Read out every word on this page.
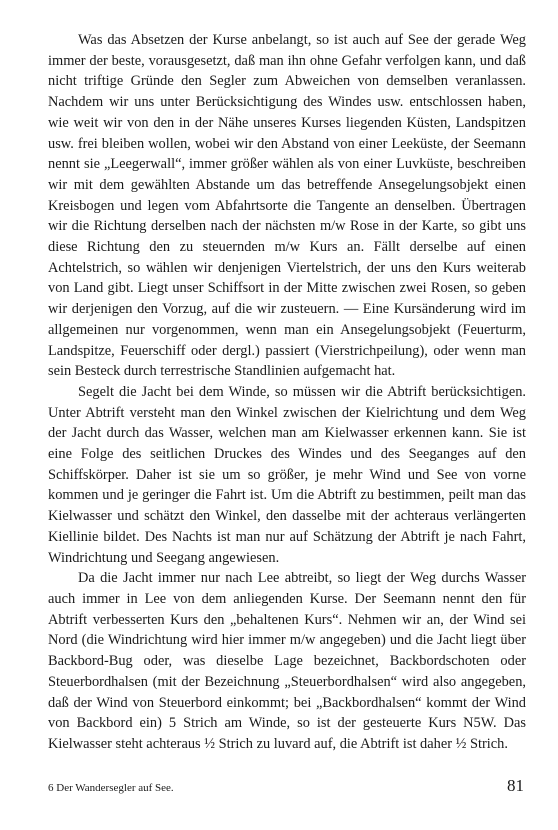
Was das Absetzen der Kurse anbelangt, so ist auch auf See der gerade Weg immer der beste, vorausgesetzt, daß man ihn ohne Gefahr verfolgen kann, und daß nicht triftige Gründe den Segler zum Abweichen von demselben veranlassen. Nachdem wir uns unter Berücksichtigung des Windes usw. entschlossen haben, wie weit wir von den in der Nähe unseres Kurses liegenden Küsten, Landspitzen usw. frei bleiben wollen, wobei wir den Abstand von einer Leeküste, der Seemann nennt sie „Leegerwall“, immer größer wählen als von einer Luvküste, beschreiben wir mit dem gewählten Abstande um das betreffende Ansegelungsobjekt einen Kreisbogen und legen vom Abfahrtsorte die Tangente an denselben. Übertragen wir die Richtung derselben nach der nächsten m/w Rose in der Karte, so gibt uns diese Richtung den zu steuernden m/w Kurs an. Fällt derselbe auf einen Achtelstrich, so wählen wir denjenigen Viertelstrich, der uns den Kurs weiterab von Land gibt. Liegt unser Schiffsort in der Mitte zwischen zwei Rosen, so geben wir derjenigen den Vorzug, auf die wir zusteuern. — Eine Kursänderung wird im allgemeinen nur vorgenommen, wenn man ein Ansegelungsobjekt (Feuerturm, Landspitze, Feuerschiff oder dergl.) passiert (Vierstrichpeilung), oder wenn man sein Besteck durch terrestrische Standlinien aufgemacht hat.

Segelt die Jacht bei dem Winde, so müssen wir die Abtrift berücksichtigen. Unter Abtrift versteht man den Winkel zwischen der Kielrichtung und dem Weg der Jacht durch das Wasser, welchen man am Kielwasser erkennen kann. Sie ist eine Folge des seitlichen Druckes des Windes und des Seeganges auf den Schiffskörper. Daher ist sie um so größer, je mehr Wind und See von vorne kommen und je geringer die Fahrt ist. Um die Abtrift zu bestimmen, peilt man das Kielwasser und schätzt den Winkel, den dasselbe mit der achteraus verlängerten Kiellinie bildet. Des Nachts ist man nur auf Schätzung der Abtrift je nach Fahrt, Windrichtung und Seegang angewiesen.

Da die Jacht immer nur nach Lee abtreibt, so liegt der Weg durchs Wasser auch immer in Lee von dem anliegenden Kurse. Der Seemann nennt den für Abtrift verbesserten Kurs den „behaltenen Kurs“. Nehmen wir an, der Wind sei Nord (die Windrichtung wird hier immer m/w angegeben) und die Jacht liegt über Backbord-Bug oder, was dieselbe Lage bezeichnet, Backbordschoten oder Steuerbordhalsen (mit der Bezeichnung „Steuerbordhalsen“ wird also angegeben, daß der Wind von Steuerbord einkommt; bei „Backbordhalsen“ kommt der Wind von Backbord ein) 5 Strich am Winde, so ist der gesteuerte Kurs N5W. Das Kielwasser steht achteraus ½ Strich zu luvard auf, die Abtrift ist daher ½ Strich.

6 Der Wandersegler auf See.	81
